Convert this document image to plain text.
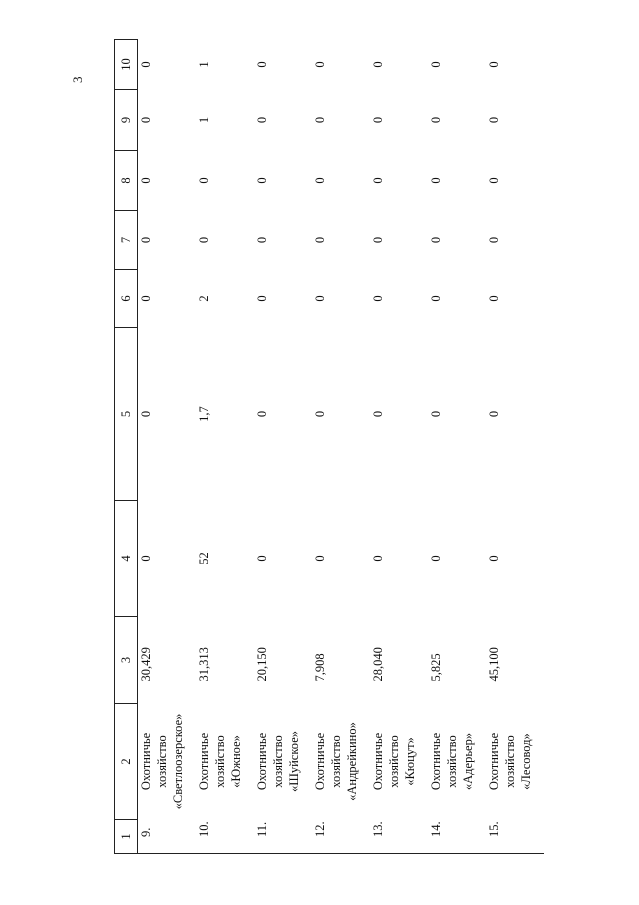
3
1	2	3	4	5	6	7	8	9	10
9.	Охотничье хозяйство «Светлоозерское»	30,429	0	0	0	0	0	0	0
10.	Охотничье хозяйство «Южное»	31,313	52	1,7	2	0	0	1	1
11.	Охотничье хозяйство «Шуйское»	20,150	0	0	0	0	0	0	0
12.	Охотничье хозяйство «Андрейкино»	7,908	0	0	0	0	0	0	0
13.	Охотничье хозяйство «Кюцут»	28,040	0	0	0	0	0	0	0
14.	Охотничье хозяйство «Адерьер»	5,825	0	0	0	0	0	0	0
15.	Охотничье хозяйство «Лесовод»	45,100	0	0	0	0	0	0	0
